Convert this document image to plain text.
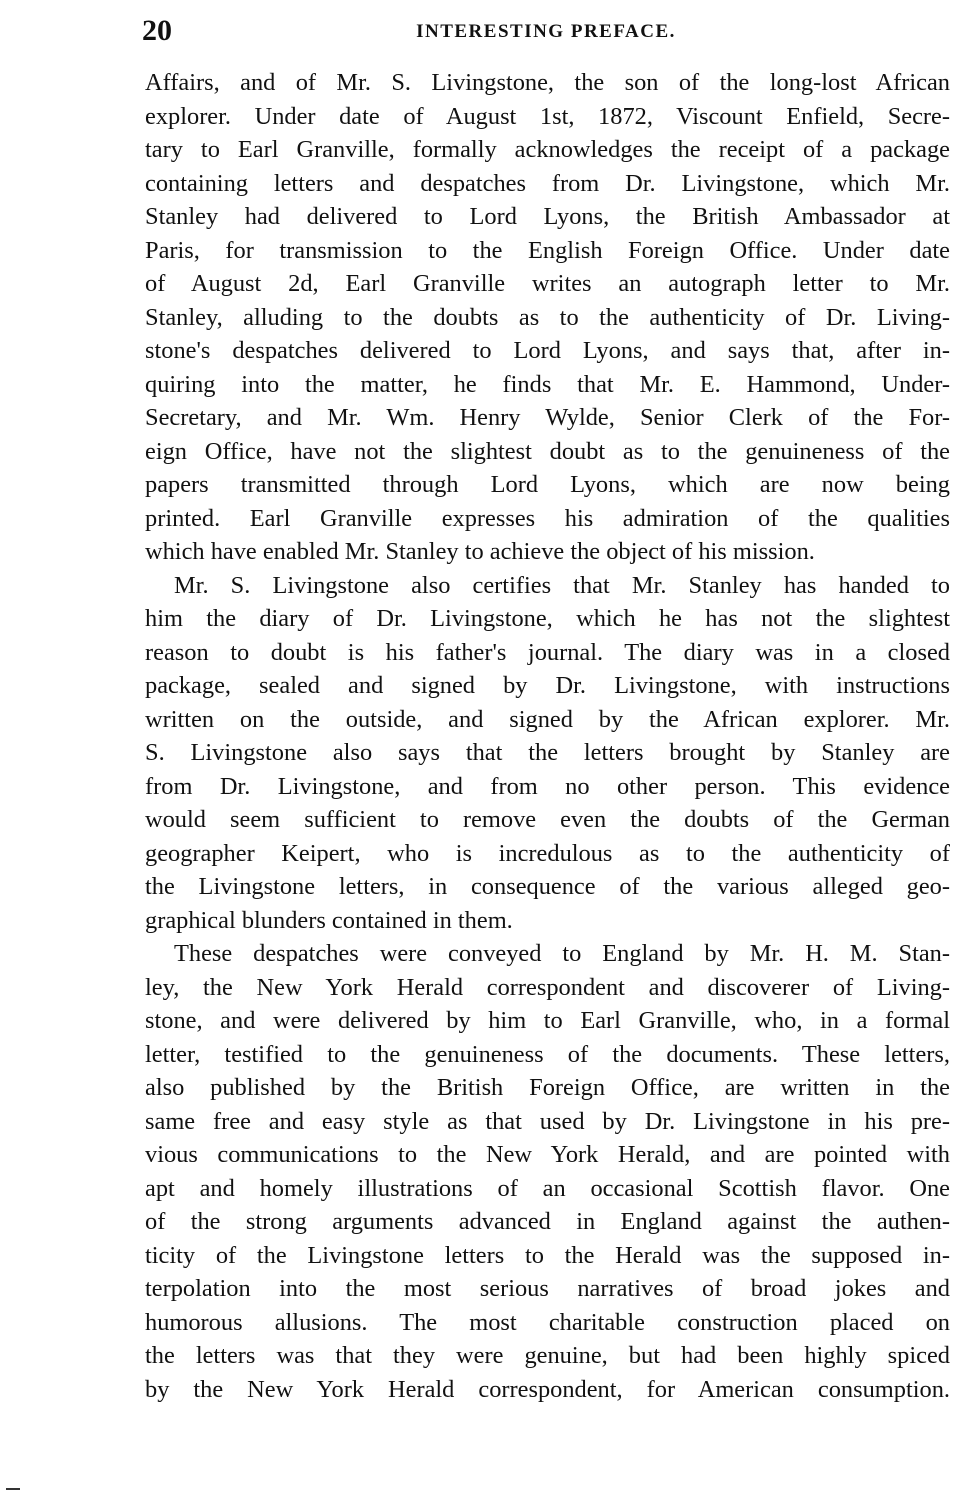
20	INTERESTING PREFACE.
Affairs, and of Mr. S. Livingstone, the son of the long-lost African
explorer. Under date of August 1st, 1872, Viscount Enfield, Secre-
tary to Earl Granville, formally acknowledges the receipt of a package
containing letters and despatches from Dr. Livingstone, which Mr.
Stanley had delivered to Lord Lyons, the British Ambassador at
Paris, for transmission to the English Foreign Office. Under date
of August 2d, Earl Granville writes an autograph letter to Mr.
Stanley, alluding to the doubts as to the authenticity of Dr. Living-
stone's despatches delivered to Lord Lyons, and says that, after in-
quiring into the matter, he finds that Mr. E. Hammond, Under-
Secretary, and Mr. Wm. Henry Wylde, Senior Clerk of the For-
eign Office, have not the slightest doubt as to the genuineness of the
papers transmitted through Lord Lyons, which are now being
printed. Earl Granville expresses his admiration of the qualities
which have enabled Mr. Stanley to achieve the object of his mission.
Mr. S. Livingstone also certifies that Mr. Stanley has handed to
him the diary of Dr. Livingstone, which he has not the slightest
reason to doubt is his father's journal. The diary was in a closed
package, sealed and signed by Dr. Livingstone, with instructions
written on the outside, and signed by the African explorer. Mr.
S. Livingstone also says that the letters brought by Stanley are
from Dr. Livingstone, and from no other person. This evidence
would seem sufficient to remove even the doubts of the German
geographer Keipert, who is incredulous as to the authenticity of
the Livingstone letters, in consequence of the various alleged geo-
graphical blunders contained in them.
These despatches were conveyed to England by Mr. H. M. Stan-
ley, the New York Herald correspondent and discoverer of Living-
stone, and were delivered by him to Earl Granville, who, in a formal
letter, testified to the genuineness of the documents. These letters,
also published by the British Foreign Office, are written in the
same free and easy style as that used by Dr. Livingstone in his pre-
vious communications to the New York Herald, and are pointed with
apt and homely illustrations of an occasional Scottish flavor. One
of the strong arguments advanced in England against the authen-
ticity of the Livingstone letters to the Herald was the supposed in-
terpolation into the most serious narratives of broad jokes and
humorous allusions. The most charitable construction placed on
the letters was that they were genuine, but had been highly spiced
by the New York Herald correspondent, for American consumption.
